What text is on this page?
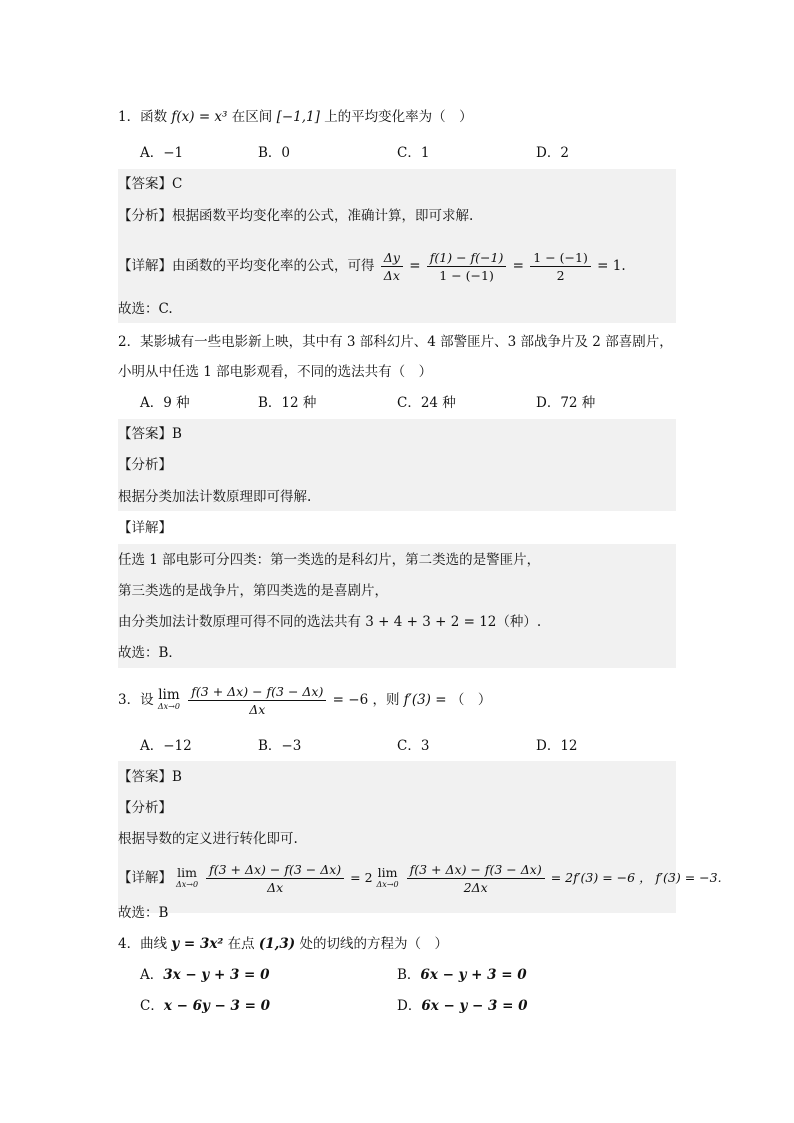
1．函数 f(x) = x³ 在区间 [−1,1] 上的平均变化率为（　）
A．−1	B．0	C．1	D．2
【答案】C
【分析】根据函数平均变化率的公式，准确计算，即可求解.
【详解】由函数的平均变化率的公式，可得 $\frac{\Delta y}{\Delta x} = \frac{f(1) - f(-1)}{1 - (-1)} = \frac{1 - (-1)}{2} = 1$.
故选：C.
2．某影城有一些电影新上映，其中有 3 部科幻片、4 部警匪片、3 部战争片及 2 部喜剧片，
小明从中任选 1 部电影观看，不同的选法共有（　）
A．9 种	B．12 种	C．24 种	D．72 种
【答案】B
【分析】
根据分类加法计数原理即可得解.
【详解】
任选 1 部电影可分四类：第一类选的是科幻片，第二类选的是警匪片，
第三类选的是战争片，第四类选的是喜剧片，
由分类加法计数原理可得不同的选法共有 3 + 4 + 3 + 2 = 12（种）.
故选：B．
3．设 lim
Δx→0
$\frac{f(3 + \Delta x) - f(3 - \Delta x)}{\Delta x} = -6$ ，则 f′(3) = （　）
A．−12	B．−3	C．3	D．12
【答案】B
【分析】
根据导数的定义进行转化即可.
【详解】 lim
Δx→0
$\frac{f(3 + \Delta x) - f(3 - \Delta x)}{\Delta x} = 2$ lim
Δx→0
$\frac{f(3 + \Delta x) - f(3 - \Delta x)}{2\Delta x} = 2f'(3) = -6$ ， f′(3) = −3.
故选：B
4．曲线 y = 3x² 在点 (1,3) 处的切线的方程为（　）
A．3x − y + 3 = 0	B．6x − y + 3 = 0
C．x − 6y − 3 = 0	D．6x − y − 3 = 0
